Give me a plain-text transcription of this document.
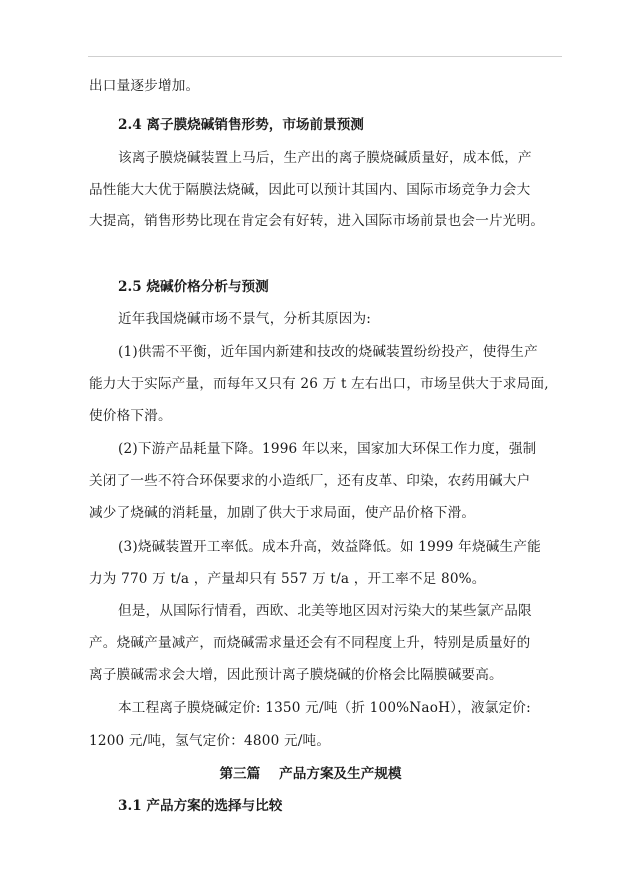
出口量逐步增加。
2.4 离子膜烧碱销售形势，市场前景预测
该离子膜烧碱装置上马后，生产出的离子膜烧碱质量好，成本低，产
品性能大大优于隔膜法烧碱，因此可以预计其国内、国际市场竞争力会大
大提高，销售形势比现在肯定会有好转，进入国际市场前景也会一片光明。
2.5 烧碱价格分析与预测
近年我国烧碱市场不景气，分析其原因为:
(1)供需不平衡，近年国内新建和技改的烧碱装置纷纷投产，使得生产
能力大于实际产量，而每年又只有 26 万 t 左右出口，市场呈供大于求局面,
使价格下滑。
(2)下游产品耗量下降。1996 年以来，国家加大环保工作力度，强制
关闭了一些不符合环保要求的小造纸厂，还有皮革、印染，农药用碱大户
减少了烧碱的消耗量，加剧了供大于求局面，使产品价格下滑。
(3)烧碱装置开工率低。成本升高，效益降低。如 1999 年烧碱生产能
力为 770 万 t/a ，产量却只有 557 万 t/a ，开工率不足 80%。
但是，从国际行情看，西欧、北美等地区因对污染大的某些氯产品限
产。烧碱产量减产，而烧碱需求量还会有不同程度上升，特别是质量好的
离子膜碱需求会大增，因此预计离子膜烧碱的价格会比隔膜碱要高。
本工程离子膜烧碱定价: 1350 元/吨（折 100%NaoH），液氯定价:
1200 元/吨，氢气定价：4800 元/吨。
第三篇    产品方案及生产规模
3.1 产品方案的选择与比较
